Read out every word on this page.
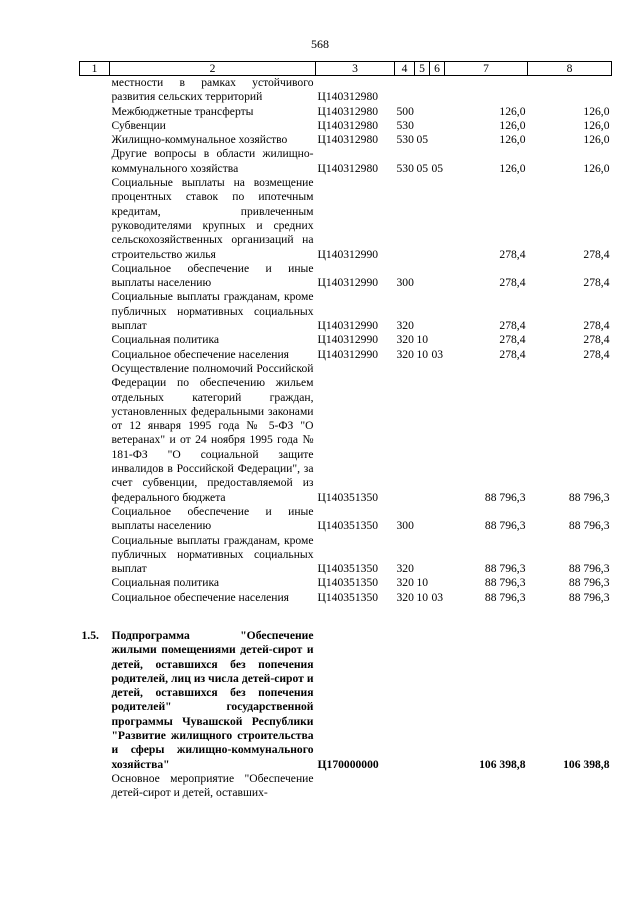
568
1	2	3	4	5	6	7	8
	местности в рамках устойчивого развития сельских территорий	Ц140312980					
	Межбюджетные трансферты	Ц140312980	500			126,0	126,0
	Субвенции	Ц140312980	530			126,0	126,0
	Жилищно-коммунальное хозяйство	Ц140312980	530	05		126,0	126,0
	Другие вопросы в области жилищно-коммунального хозяйства	Ц140312980	530	05	05	126,0	126,0
	Социальные выплаты на возмещение процентных ставок по ипотечным кредитам, привлеченным руководителями крупных и средних сельскохозяйственных организаций на строительство жилья	Ц140312990				278,4	278,4
	Социальное обеспечение и иные выплаты населению	Ц140312990	300			278,4	278,4
	Социальные выплаты гражданам, кроме публичных нормативных социальных выплат	Ц140312990	320			278,4	278,4
	Социальная политика	Ц140312990	320	10		278,4	278,4
	Социальное обеспечение населения	Ц140312990	320	10	03	278,4	278,4
	Осуществление полномочий Российской Федерации по обеспечению жильем отдельных категорий граждан, установленных федеральными законами от 12 января 1995 года № 5-ФЗ "О ветеранах" и от 24 ноября 1995 года № 181-ФЗ "О социальной защите инвалидов в Российской Федерации", за счет субвенции, предоставляемой из федерального бюджета	Ц140351350				88 796,3	88 796,3
	Социальное обеспечение и иные выплаты населению	Ц140351350	300			88 796,3	88 796,3
	Социальные выплаты гражданам, кроме публичных нормативных социальных выплат	Ц140351350	320			88 796,3	88 796,3
	Социальная политика	Ц140351350	320	10		88 796,3	88 796,3
	Социальное обеспечение населения	Ц140351350	320	10	03	88 796,3	88 796,3

1.5.	Подпрограмма "Обеспечение жилыми помещениями детей-сирот и детей, оставшихся без попечения родителей, лиц из числа детей-сирот и детей, оставшихся без попечения родителей" государственной программы Чувашской Республики "Развитие жилищного строительства и сферы жилищно-коммунального хозяйства"	Ц170000000				106 398,8	106 398,8
	Основное мероприятие "Обеспечение детей-сирот и детей, оставших-						
